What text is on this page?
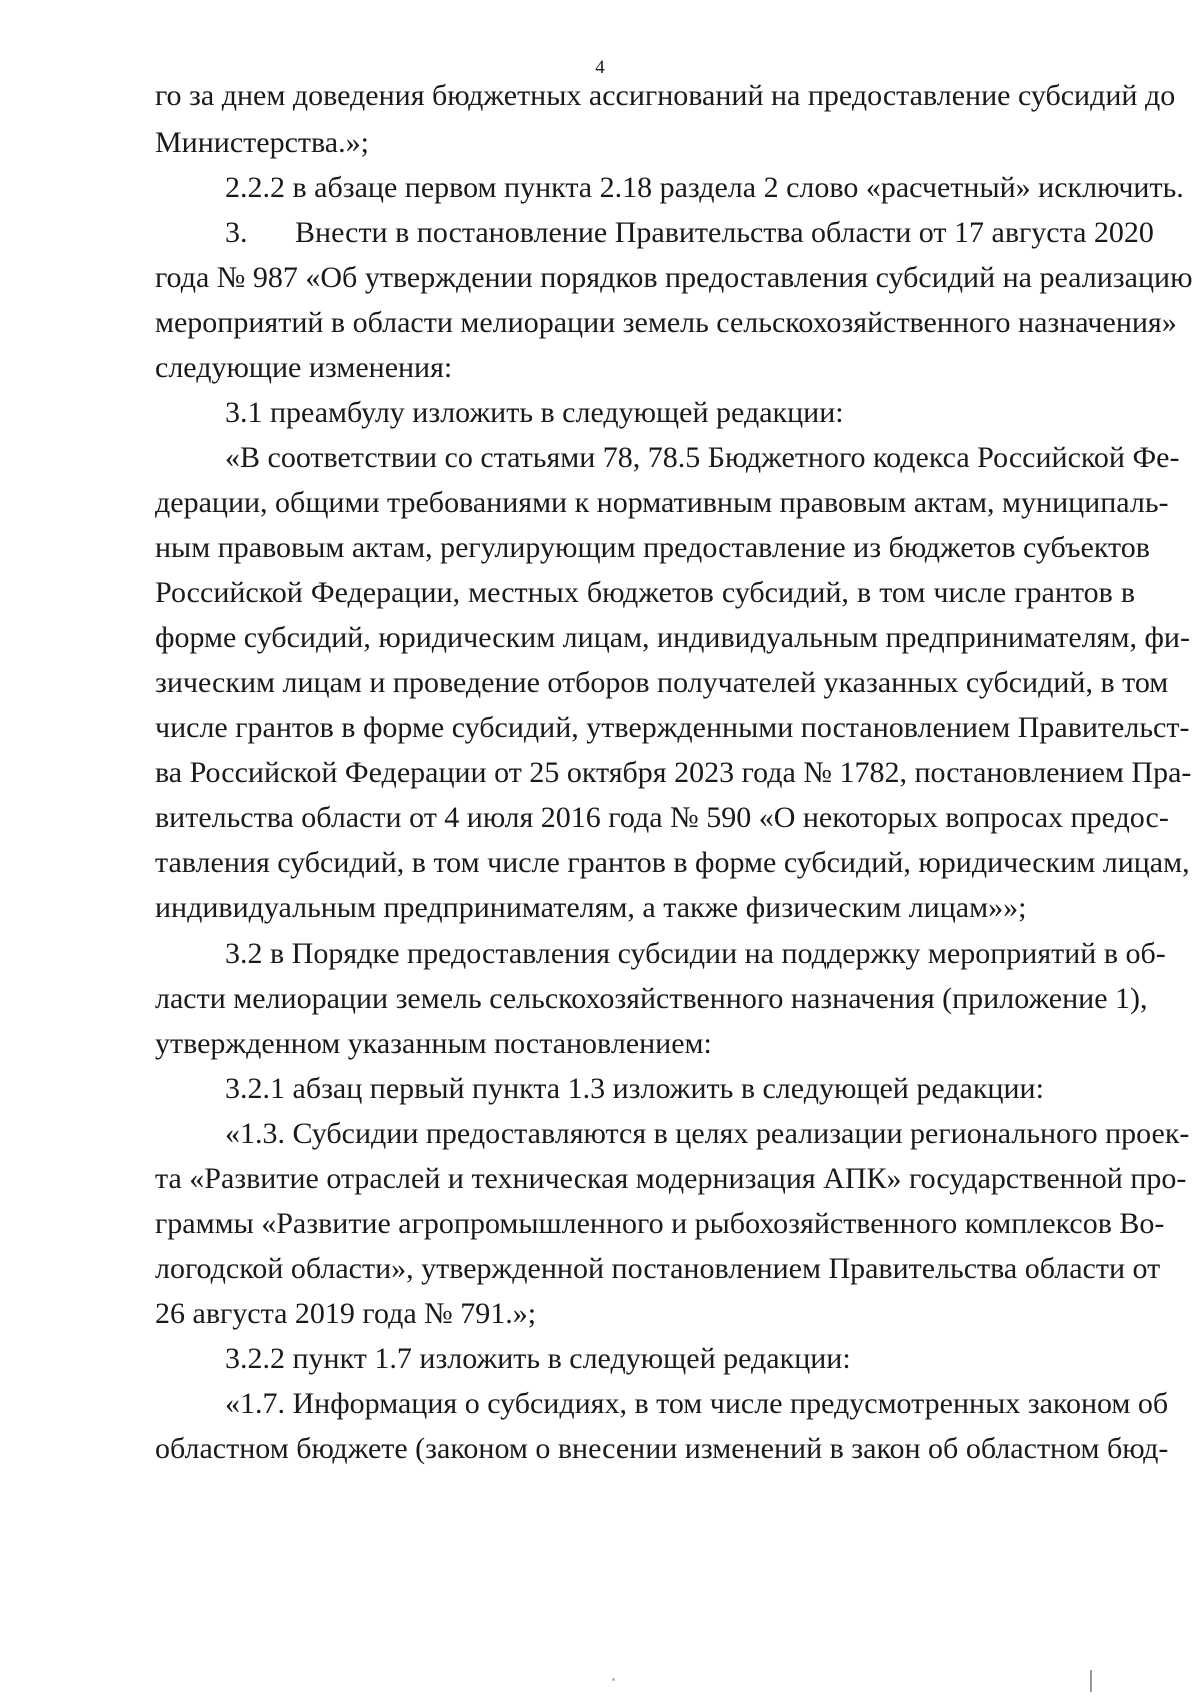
4
го за днем доведения бюджетных ассигнований на предоставление субсидий до
Министерства.»;
2.2.2 в абзаце первом пункта 2.18 раздела 2 слово «расчетный» исключить.
3. Внести в постановление Правительства области от 17 августа 2020
года № 987 «Об утверждении порядков предоставления субсидий на реализацию
мероприятий в области мелиорации земель сельскохозяйственного назначения»
следующие изменения:
3.1 преамбулу изложить в следующей редакции:
«В соответствии со статьями 78, 78.5 Бюджетного кодекса Российской Фе-
дерации, общими требованиями к нормативным правовым актам, муниципаль-
ным правовым актам, регулирующим предоставление из бюджетов субъектов
Российской Федерации, местных бюджетов субсидий, в том числе грантов в
форме субсидий, юридическим лицам, индивидуальным предпринимателям, фи-
зическим лицам и проведение отборов получателей указанных субсидий, в том
числе грантов в форме субсидий, утвержденными постановлением Правительст-
ва Российской Федерации от 25 октября 2023 года № 1782, постановлением Пра-
вительства области от 4 июля 2016 года № 590 «О некоторых вопросах предос-
тавления субсидий, в том числе грантов в форме субсидий, юридическим лицам,
индивидуальным предпринимателям, а также физическим лицам»»;
3.2 в Порядке предоставления субсидии на поддержку мероприятий в об-
ласти мелиорации земель сельскохозяйственного назначения (приложение 1),
утвержденном указанным постановлением:
3.2.1 абзац первый пункта 1.3 изложить в следующей редакции:
«1.3. Субсидии предоставляются в целях реализации регионального проек-
та «Развитие отраслей и техническая модернизация АПК» государственной про-
граммы «Развитие агропромышленного и рыбохозяйственного комплексов Во-
логодской области», утвержденной постановлением Правительства области от
26 августа 2019 года № 791.»;
3.2.2 пункт 1.7 изложить в следующей редакции:
«1.7. Информация о субсидиях, в том числе предусмотренных законом об
областном бюджете (законом о внесении изменений в закон об областном бюд-
